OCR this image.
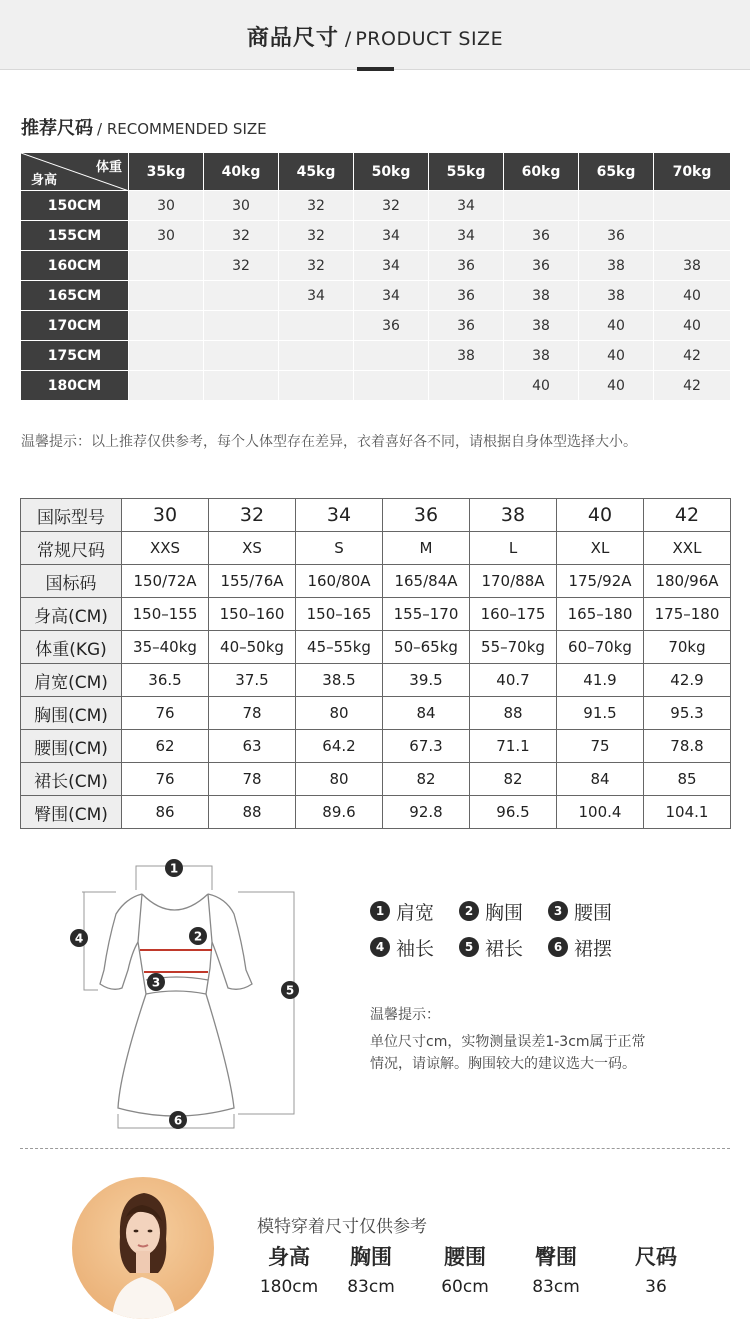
商品尺寸 / PRODUCT SIZE
推荐尺码 / RECOMMENDED SIZE
体重
身高	35kg	40kg	45kg	50kg	55kg	60kg	65kg	70kg
150CM	30	30	32	32	34			
155CM	30	32	32	34	34	36	36	
160CM		32	32	34	36	36	38	38
165CM			34	34	36	38	38	40
170CM				36	36	38	40	40
175CM					38	38	40	42
180CM						40	40	42
温馨提示：以上推荐仅供参考，每个人体型存在差异，衣着喜好各不同，请根据自身体型选择大小。
国际型号	30	32	34	36	38	40	42
常规尺码	XXS	XS	S	M	L	XL	XXL
国标码	150/72A	155/76A	160/80A	165/84A	170/88A	175/92A	180/96A
身高(CM)	150–155	150–160	150–165	155–170	160–175	165–180	175–180
体重(KG)	35–40kg	40–50kg	45–55kg	50–65kg	55–70kg	60–70kg	70kg
肩宽(CM)	36.5	37.5	38.5	39.5	40.7	41.9	42.9
胸围(CM)	76	78	80	84	88	91.5	95.3
腰围(CM)	62	63	64.2	67.3	71.1	75	78.8
裙长(CM)	76	78	80	82	82	84	85
臀围(CM)	86	88	89.6	92.8	96.5	100.4	104.1
1
2
3
4
5
6
1 肩宽	2 胸围	3 腰围
4 袖长	5 裙长	6 裙摆
温馨提示：
单位尺寸cm，实物测量误差1-3cm属于正常
情况，请谅解。胸围较大的建议选大一码。
模特穿着尺寸仅供参考
身高
180cm
胸围
83cm
腰围
60cm
臀围
83cm
尺码
36
